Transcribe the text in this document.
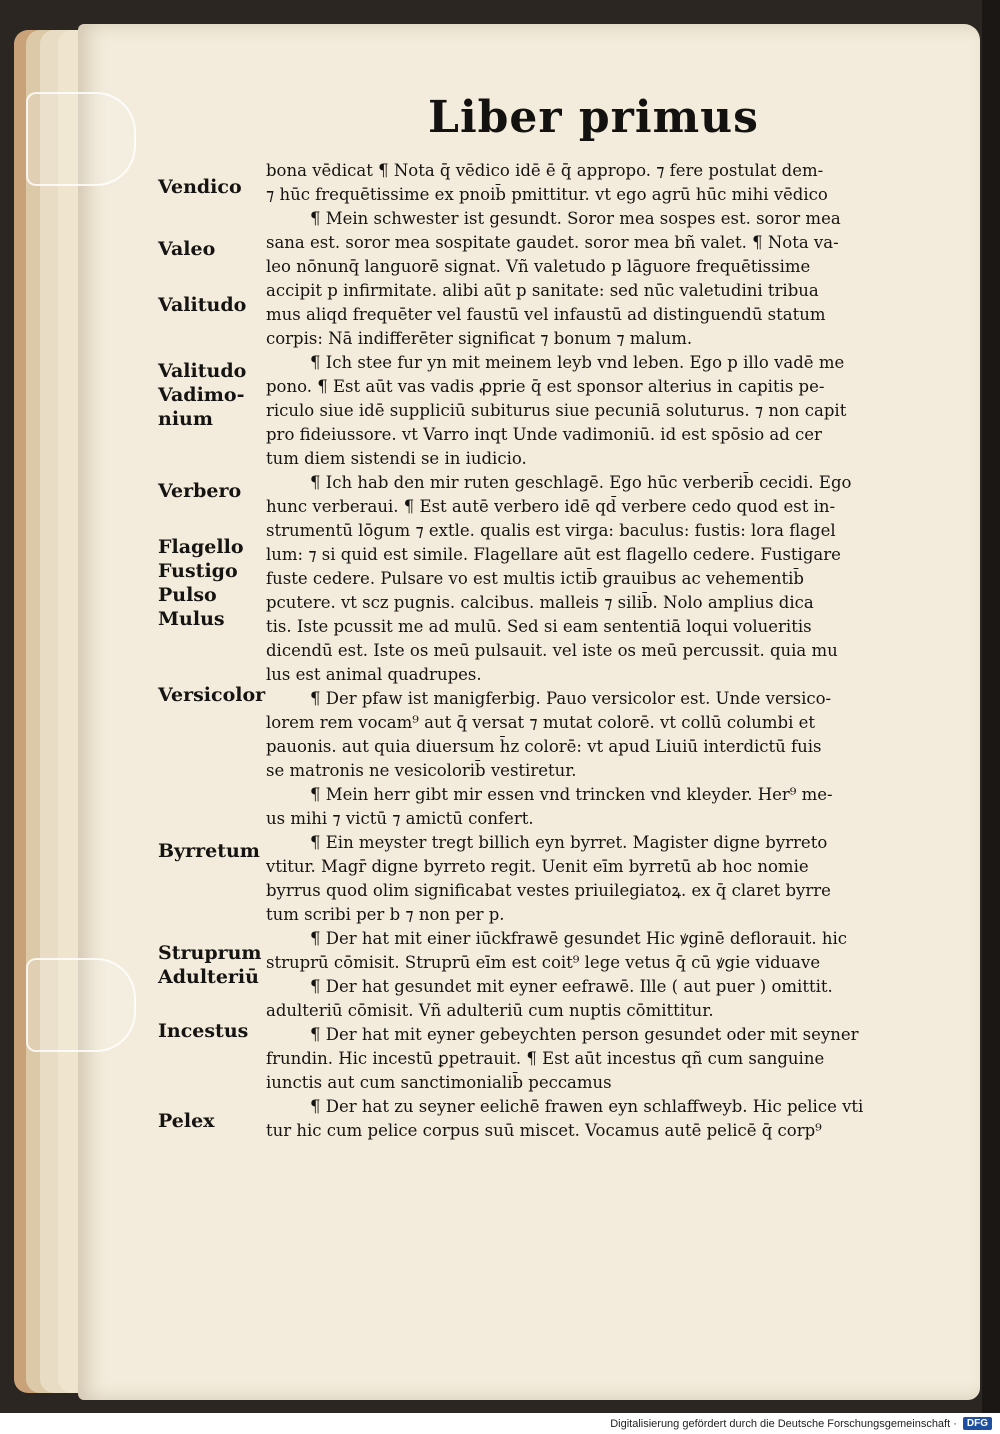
Liber primus
Vendico
Valeo
Valitudo
Valitudo
Vadimo-
nium
Verbero
Flagello
Fustigo
Pulso
Mulus
Versicolor
Byrretum
Struprum
Adulteriū
Incestus
Pelex
bona vēdicat ¶ Nota q̄ vēdico idē ē q̄ appropo. ⁊ fere postulat dem-
⁊ hūc frequētissime ex pnoib̄ pmittitur. vt ego agrū hūc mihi vēdico
¶ Mein schwester ist gesundt. Soror mea sospes est. soror mea
sana est. soror mea sospitate gaudet. soror mea bñ valet. ¶ Nota va-
leo nōnunq̄ languorē signat. Vñ valetudo p lāguore frequētissime
accipit p infirmitate. alibi aūt p sanitate: sed nūc valetudini tribua
mus aliqd frequēter vel faustū vel infaustū ad distinguendū statum
corpis: Nā indifferēter significat ⁊ bonum ⁊ malum.
¶ Ich stee fur yn mit meinem leyb vnd leben. Ego p illo vadē me
pono. ¶ Est aūt vas vadis ꝓprie q̄ est sponsor alterius in capitis pe-
riculo siue idē suppliciū subiturus siue pecuniā soluturus. ⁊ non capit
pro fideiussore. vt Varro inqt Unde vadimoniū. id est spōsio ad cer
tum diem sistendi se in iudicio.
¶ Ich hab den mir ruten geschlagē. Ego hūc verberib̄ cecidi. Ego
hunc verberaui. ¶ Est autē verbero idē qd̄ verbere cedo quod est in-
strumentū lōgum ⁊ extle. qualis est virga: baculus: fustis: lora flagel
lum: ⁊ si quid est simile. Flagellare aūt est flagello cedere. Fustigare
fuste cedere. Pulsare vo est multis ictib̄ grauibus ac vehementib̄
pcutere. vt scz pugnis. calcibus. malleis ⁊ silib̄. Nolo amplius dica
tis. Iste pcussit me ad mulū. Sed si eam sententiā loqui volueritis
dicendū est. Iste os meū pulsauit. vel iste os meū percussit. quia mu
lus est animal quadrupes.
¶ Der pfaw ist manigferbig. Pauo versicolor est. Unde versico-
lorem rem vocam⁹ aut q̄ versat ⁊ mutat colorē. vt collū columbi et
pauonis. aut quia diuersum h̄z colorē: vt apud Liuiū interdictū fuis
se matronis ne vesicolorib̄ vestiretur.
¶ Mein herr gibt mir essen vnd trincken vnd kleyder. Her⁹ me-
us mihi ⁊ victū ⁊ amictū confert.
¶ Ein meyster tregt billich eyn byrret. Magister digne byrreto
vtitur. Magr̄ digne byrreto regit. Uenit eīm byrretū ab hoc nomie
byrrus quod olim significabat vestes priuilegiatoꝝ. ex q̄ claret byrre
tum scribi per b ⁊ non per p.
¶ Der hat mit einer iūckfrawē gesundet Hic ꝟginē deflorauit. hic
struprū cōmisit. Struprū eīm est coit⁹ lege vetus q̄ cū ꝟgie viduave
¶ Der hat gesundet mit eyner eefrawē. Ille ( aut puer ) omittit.
adulteriū cōmisit. Vñ adulteriū cum nuptis cōmittitur.
¶ Der hat mit eyner gebeychten person gesundet oder mit seyner
frundin. Hic incestū ꝑpetrauit. ¶ Est aūt incestus qñ cum sanguine
iunctis aut cum sanctimonialib̄ peccamus
¶ Der hat zu seyner eelichē frawen eyn schlaffweyb. Hic pelice vti
tur hic cum pelice corpus suū miscet. Vocamus autē pelicē q̄ corp⁹
Digitalisierung gefördert durch die Deutsche Forschungsgemeinschaft ·	DFG
